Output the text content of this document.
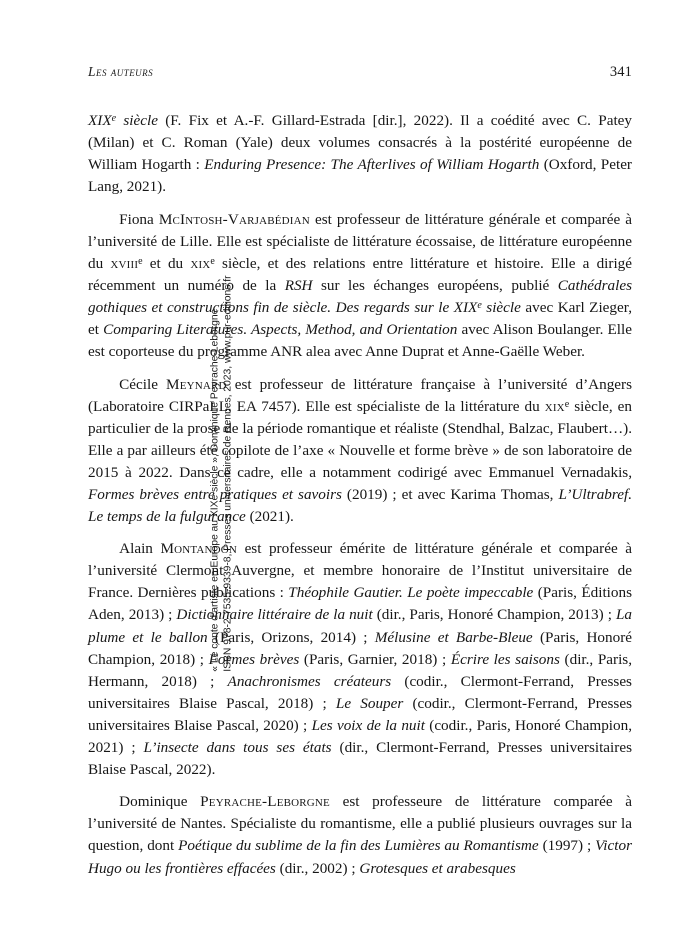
« Le conte d’artiste en Europe au XIXe siècle », Dominique Peyrache-Leborgne ISBN 978-2-7535-9339-8, Presses universitaires de Rennes, 2023, www.pur-editions.fr
Les auteurs	341

XIXe siècle (F. Fix et A.-F. Gillard-Estrada [dir.], 2022). Il a coédité avec C. Patey (Milan) et C. Roman (Yale) deux volumes consacrés à la postérité européenne de William Hogarth : Enduring Presence: The Afterlives of William Hogarth (Oxford, Peter Lang, 2021).

Fiona McIntosh-Varjabédian est professeur de littérature générale et comparée à l’université de Lille. Elle est spécialiste de littérature écossaise, de littérature européenne du xviii$^e$ et du xix$^e$ siècle, et des relations entre littérature et histoire. Elle a dirigé récemment un numéro de la RSH sur les échanges européens, publié Cathédrales gothiques et constructions fin de siècle. Des regards sur le XIXe siècle avec Karl Zieger, et Comparing Literatures. Aspects, Method, and Orientation avec Alison Boulanger. Elle est coporteuse du programme ANR alea avec Anne Duprat et Anne-Gaëlle Weber.

Cécile Meynard est professeur de littérature française à l’université d’Angers (Laboratoire CIRPaLL, EA 7457). Elle est spécialiste de la littérature du xix$^e$ siècle, en particulier de la prose de la période romantique et réaliste (Stendhal, Balzac, Flaubert…). Elle a par ailleurs été copilote de l’axe « Nouvelle et forme brève » de son laboratoire de 2015 à 2022. Dans ce cadre, elle a notamment codirigé avec Emmanuel Vernadakis, Formes brèves entre pratiques et savoirs (2019) ; et avec Karima Thomas, L’Ultrabref. Le temps de la fulgurance (2021).

Alain Montandon est professeur émérite de littérature générale et comparée à l’université Clermont Auvergne, et membre honoraire de l’Institut universitaire de France. Dernières publications : Théophile Gautier. Le poète impeccable (Paris, Éditions Aden, 2013) ; Dictionnaire littéraire de la nuit (dir., Paris, Honoré Champion, 2013) ; La plume et le ballon (Paris, Orizons, 2014) ; Mélusine et Barbe-Bleue (Paris, Honoré Champion, 2018) ; Formes brèves (Paris, Garnier, 2018) ; Écrire les saisons (dir., Paris, Hermann, 2018) ; Anachronismes créateurs (codir., Clermont-Ferrand, Presses universitaires Blaise Pascal, 2018) ; Le Souper (codir., Clermont-Ferrand, Presses universitaires Blaise Pascal, 2020) ; Les voix de la nuit (codir., Paris, Honoré Champion, 2021) ; L’insecte dans tous ses états (dir., Clermont-Ferrand, Presses universitaires Blaise Pascal, 2022).

Dominique Peyrache-Leborgne est professeure de littérature comparée à l’université de Nantes. Spécialiste du romantisme, elle a publié plusieurs ouvrages sur la question, dont Poétique du sublime de la fin des Lumières au Romantisme (1997) ; Victor Hugo ou les frontières effacées (dir., 2002) ; Grotesques et arabesques
